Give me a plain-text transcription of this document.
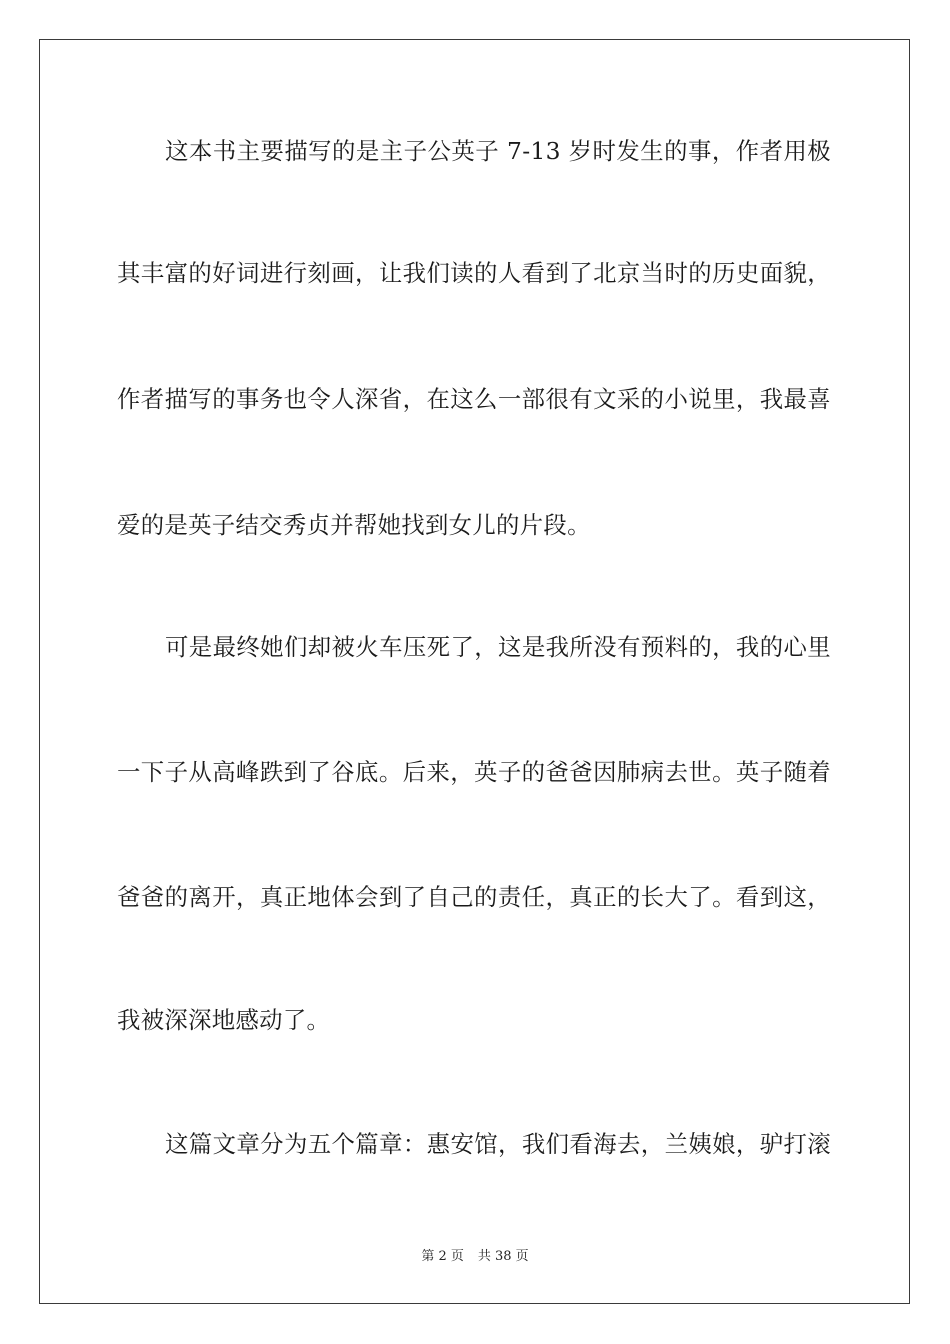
这本书主要描写的是主子公英子 7-13 岁时发生的事，作者用极
其丰富的好词进行刻画，让我们读的人看到了北京当时的历史面貌，
作者描写的事务也令人深省，在这么一部很有文采的小说里，我最喜
爱的是英子结交秀贞并帮她找到女儿的片段。
可是最终她们却被火车压死了，这是我所没有预料的，我的心里
一下子从高峰跌到了谷底。后来，英子的爸爸因肺病去世。英子随着
爸爸的离开，真正地体会到了自己的责任，真正的长大了。看到这，
我被深深地感动了。
这篇文章分为五个篇章：惠安馆，我们看海去，兰姨娘，驴打滚
第 2 页 共 38 页
